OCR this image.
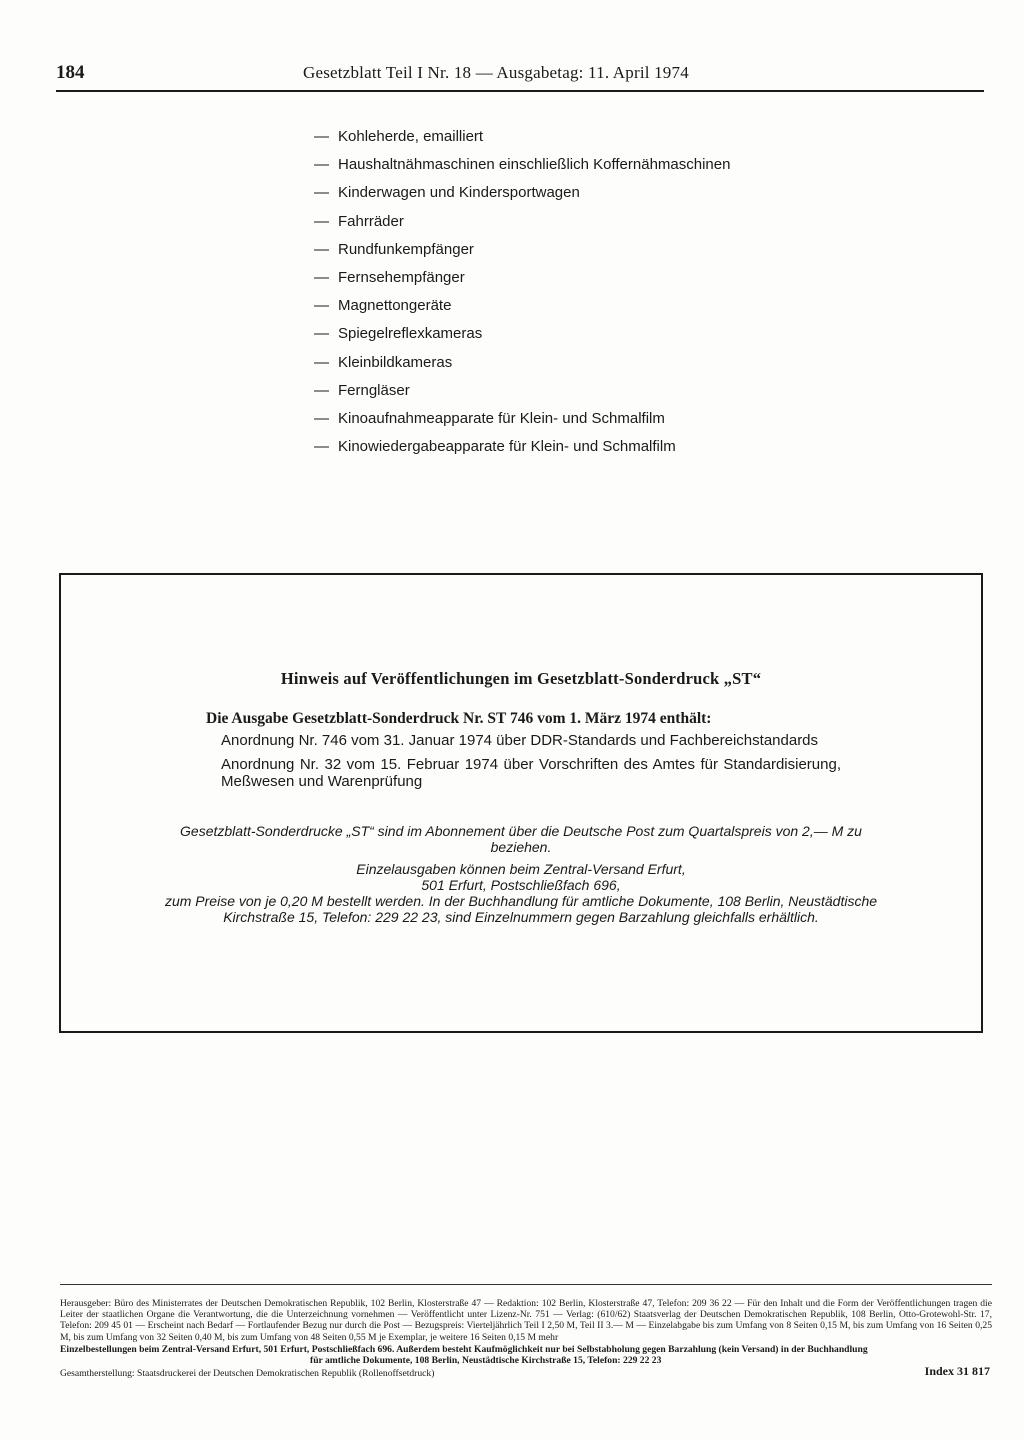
184	Gesetzblatt Teil I Nr. 18 — Ausgabetag: 11. April 1974
— Kohleherde, emailliert
— Haushaltnähmaschinen einschließlich Koffernähmaschinen
— Kinderwagen und Kindersportwagen
— Fahrräder
— Rundfunkempfänger
— Fernsehempfänger
— Magnettongeräte
— Spiegelreflexkameras
— Kleinbildkameras
— Ferngläser
— Kinoaufnahmeapparate für Klein- und Schmalfilm
— Kinowiedergabeapparate für Klein- und Schmalfilm
Hinweis auf Veröffentlichungen im Gesetzblatt-Sonderdruck „ST“
Die Ausgabe Gesetzblatt-Sonderdruck Nr. ST 746 vom 1. März 1974 enthält:

Anordnung Nr. 746 vom 31. Januar 1974 über DDR-Standards und Fachbereichstandards

Anordnung Nr. 32 vom 15. Februar 1974 über Vorschriften des Amtes für Standardisierung, Meßwesen und Warenprüfung

Gesetzblatt-Sonderdrucke „ST“ sind im Abonnement über die Deutsche Post zum Quartalspreis von 2,— M zu beziehen.

Einzelausgaben können beim Zentral-Versand Erfurt,

501 Erfurt, Postschließfach 696,

zum Preise von je 0,20 M bestellt werden. In der Buchhandlung für amtliche Dokumente, 108 Berlin, Neustädtische Kirchstraße 15, Telefon: 229 22 23, sind Einzelnummern gegen Barzahlung gleichfalls erhältlich.

Herausgeber: Büro des Ministerrates der Deutschen Demokratischen Republik, 102 Berlin, Klosterstraße 47 — Redaktion: 102 Berlin, Klosterstraße 47, Telefon: 209 36 22 — Für den Inhalt und die Form der Veröffentlichungen tragen die Leiter der staatlichen Organe die Verantwortung, die die Unterzeichnung vornehmen — Veröffentlicht unter Lizenz-Nr. 751 — Verlag: (610/62) Staatsverlag der Deutschen Demokratischen Republik, 108 Berlin, Otto-Grotewohl-Str. 17, Telefon: 209 45 01 — Erscheint nach Bedarf — Fortlaufender Bezug nur durch die Post — Bezugspreis: Vierteljährlich Teil I 2,50 M, Teil II 3.— M — Einzelabgabe bis zum Umfang von 8 Seiten 0,15 M, bis zum Umfang von 16 Seiten 0,25 M, bis zum Umfang von 32 Seiten 0,40 M, bis zum Umfang von 48 Seiten 0,55 M je Exemplar, je weitere 16 Seiten 0,15 M mehr

Einzelbestellungen beim Zentral-Versand Erfurt, 501 Erfurt, Postschließfach 696. Außerdem besteht Kaufmöglichkeit nur bei Selbstabholung gegen Barzahlung (kein Versand) in der Buchhandlung

für amtliche Dokumente, 108 Berlin, Neustädtische Kirchstraße 15, Telefon: 229 22 23

Gesamtherstellung: Staatsdruckerei der Deutschen Demokratischen Republik (Rollenoffsetdruck)	Index 31 817
